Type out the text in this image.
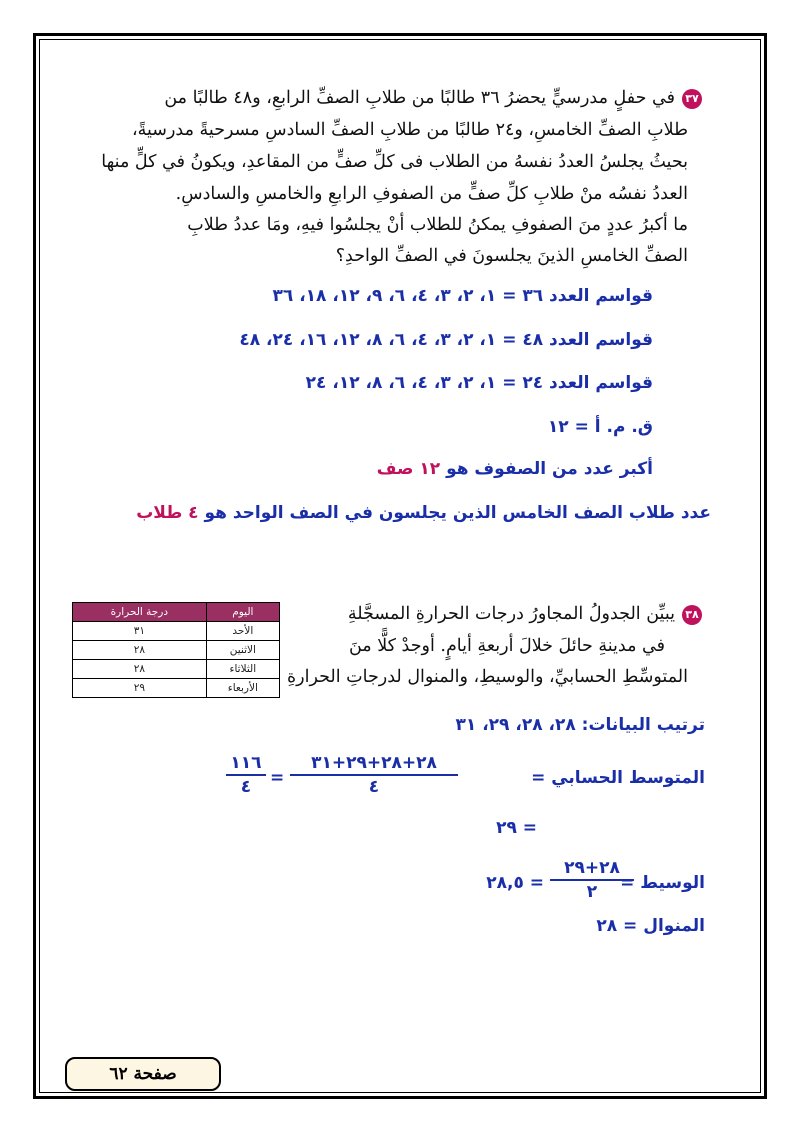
٣٧
في حفلٍ مدرسيٍّ يحضرُ ٣٦ طالبًا من طلابِ الصفِّ الرابعِ، و٤٨ طالبًا من
طلابِ الصفِّ الخامسِ، و٢٤ طالبًا من طلابِ الصفِّ السادسِ مسرحيةً مدرسيةً،
بحيثُ يجلسُ العددُ نفسهُ من الطلاب فى كلِّ صفٍّ من المقاعدِ، ويكونُ في كلٍّ منها
العددُ نفسُه منْ طلابِ كلِّ صفٍّ من الصفوفِ الرابعِ والخامسِ والسادسِ.
ما أكبرُ عددٍ منَ الصفوفِ يمكنُ للطلاب أنْ يجلسُوا فيهِ، ومَا عددُ طلابِ
الصفِّ الخامسِ الذينَ يجلسونَ في الصفِّ الواحدِ؟
قواسم العدد ٣٦ = ١، ٢، ٣، ٤، ٦، ٩، ١٢، ١٨، ٣٦
قواسم العدد ٤٨ = ١، ٢، ٣، ٤، ٦، ٨، ١٢، ١٦، ٢٤، ٤٨
قواسم العدد ٢٤ = ١، ٢، ٣، ٤، ٦، ٨، ١٢، ٢٤
ق. م. أ = ١٢
أكبر عدد من الصفوف هو ١٢ صف
عدد طلاب الصف الخامس الذين يجلسون في الصف الواحد هو ٤ طلاب
٣٨
يبيِّن الجدولُ المجاورُ درجات الحرارةِ المسجَّلةِ
في مدينةِ حائلَ خلالَ أربعةِ أيامٍ. أوجدْ كلًّا منَ
المتوسِّطِ الحسابيِّ، والوسيطِ، والمنوال لدرجاتِ الحرارةِ
اليوم	درجة الحرارة
الأحد	٣١
الاثنين	٢٨
الثلاثاء	٢٨
الأربعاء	٢٩
ترتيب البيانات: ٢٨، ٢٨، ٢٩، ٣١
المتوسط الحسابي =
٢٨+٢٨+٢٩+٣١
٤
=
١١٦
٤
= ٢٩
الوسيط =
٢٨+٢٩
٢
= ٢٨,٥
المنوال = ٢٨
صفحة ٦٢
